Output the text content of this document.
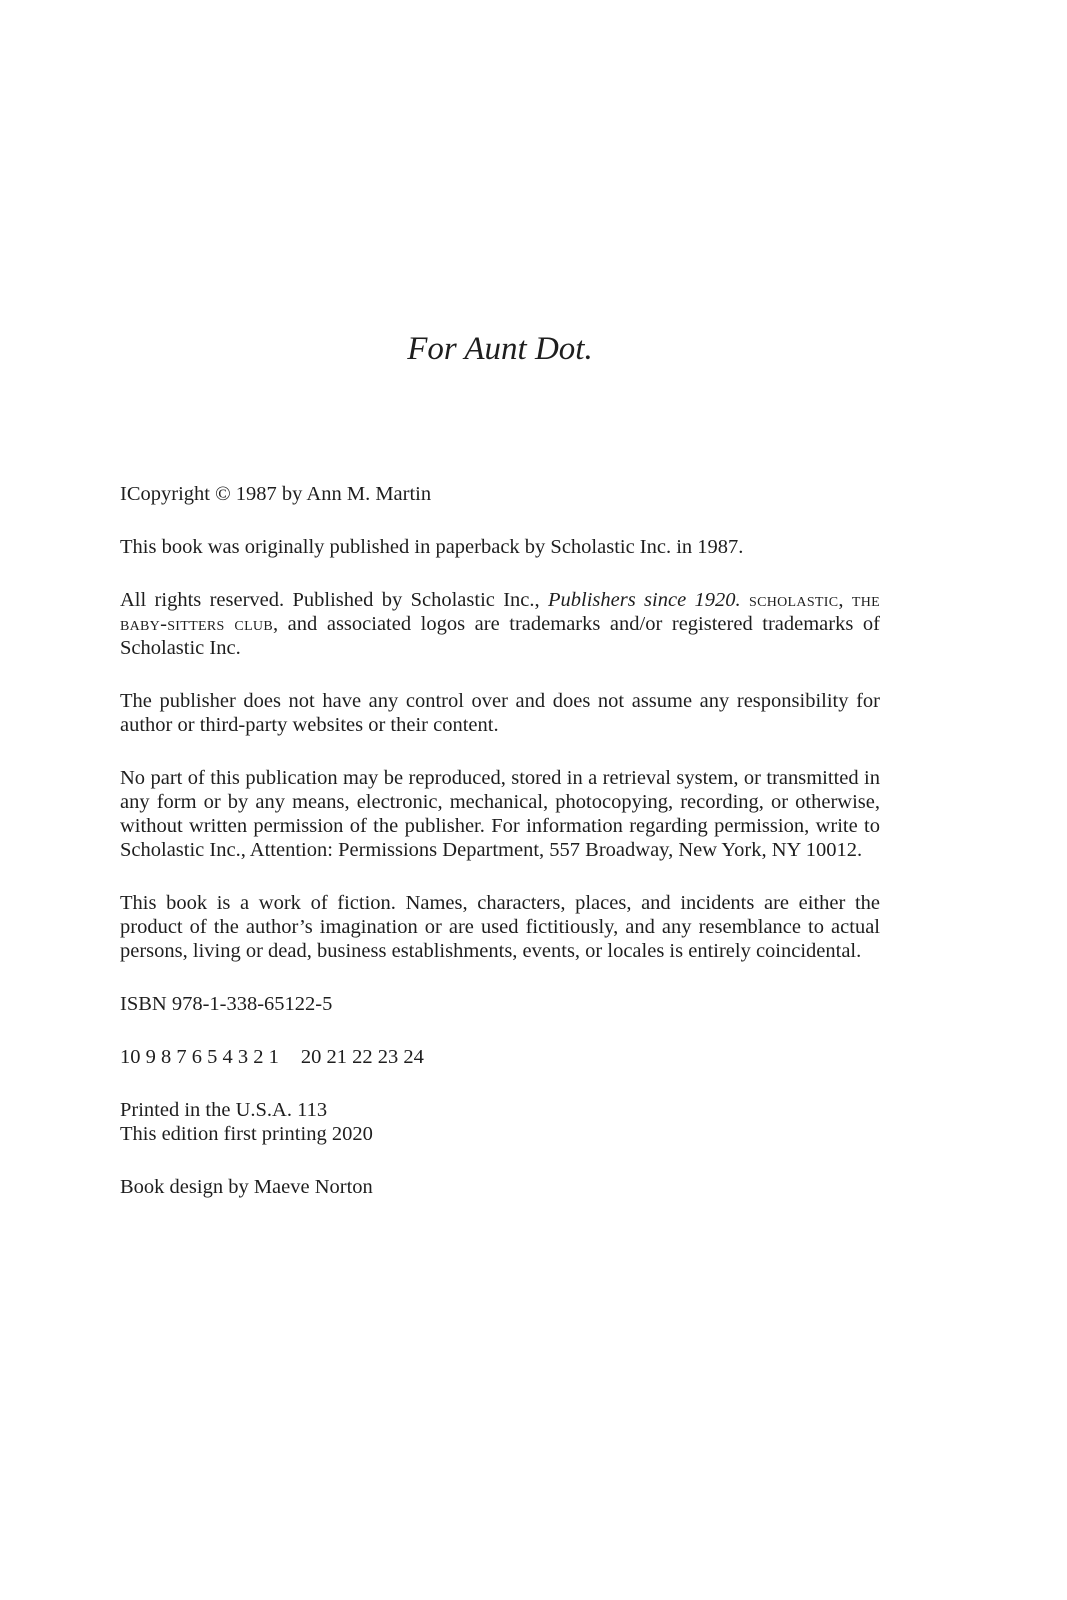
For Aunt Dot.

ICopyright © 1987 by Ann M. Martin

This book was originally published in paperback by Scholastic Inc. in 1987.

All rights reserved. Published by Scholastic Inc., Publishers since 1920. scholastic, the baby-sitters club, and associated logos are trademarks and/or registered trademarks of Scholastic Inc.

The publisher does not have any control over and does not assume any responsibility for author or third-party websites or their content.

No part of this publication may be reproduced, stored in a retrieval system, or transmitted in any form or by any means, electronic, mechanical, photocopying, recording, or otherwise, without written permission of the publisher. For information regarding permission, write to Scholastic Inc., Attention: Permissions Department, 557 Broadway, New York, NY 10012.

This book is a work of fiction. Names, characters, places, and incidents are either the product of the author’s imagination or are used fictitiously, and any resemblance to actual persons, living or dead, business establishments, events, or locales is entirely coincidental.

ISBN 978-1-338-65122-5

10 9 8 7 6 5 4 3 2 1 20 21 22 23 24

Printed in the U.S.A. 113
This edition first printing 2020

Book design by Maeve Norton
